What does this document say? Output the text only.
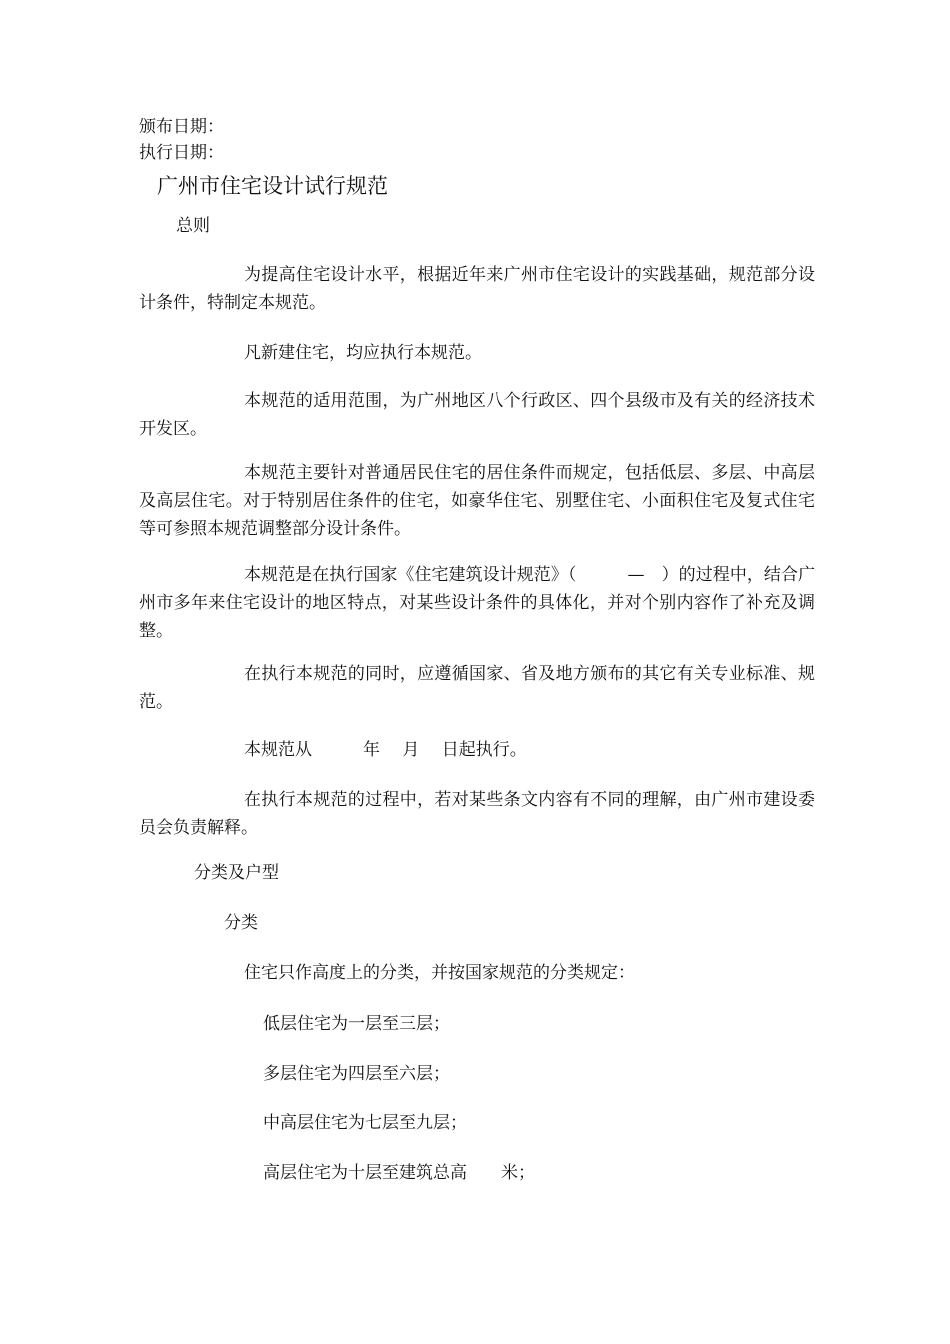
颁布日期：
执行日期：
广州市住宅设计试行规范
总则
为提高住宅设计水平，根据近年来广州市住宅设计的实践基础，规范部分设计条件，特制定本规范。
凡新建住宅，均应执行本规范。
本规范的适用范围，为广州地区八个行政区、四个县级市及有关的经济技术开发区。
本规范主要针对普通居民住宅的居住条件而规定，包括低层、多层、中高层及高层住宅。对于特别居住条件的住宅，如豪华住宅、别墅住宅、小面积住宅及复式住宅等可参照本规范调整部分设计条件。
本规范是在执行国家《住宅建筑设计规范》（　　　—　）的过程中，结合广州市多年来住宅设计的地区特点，对某些设计条件的具体化，并对个别内容作了补充及调整。
在执行本规范的同时，应遵循国家、省及地方颁布的其它有关专业标准、规范。
本规范从　　　年　 月　 日起执行。
在执行本规范的过程中，若对某些条文内容有不同的理解，由广州市建设委员会负责解释。
分类及户型
分类
住宅只作高度上的分类，并按国家规范的分类规定：
低层住宅为一层至三层；
多层住宅为四层至六层；
中高层住宅为七层至九层；
高层住宅为十层至建筑总高　　米；
